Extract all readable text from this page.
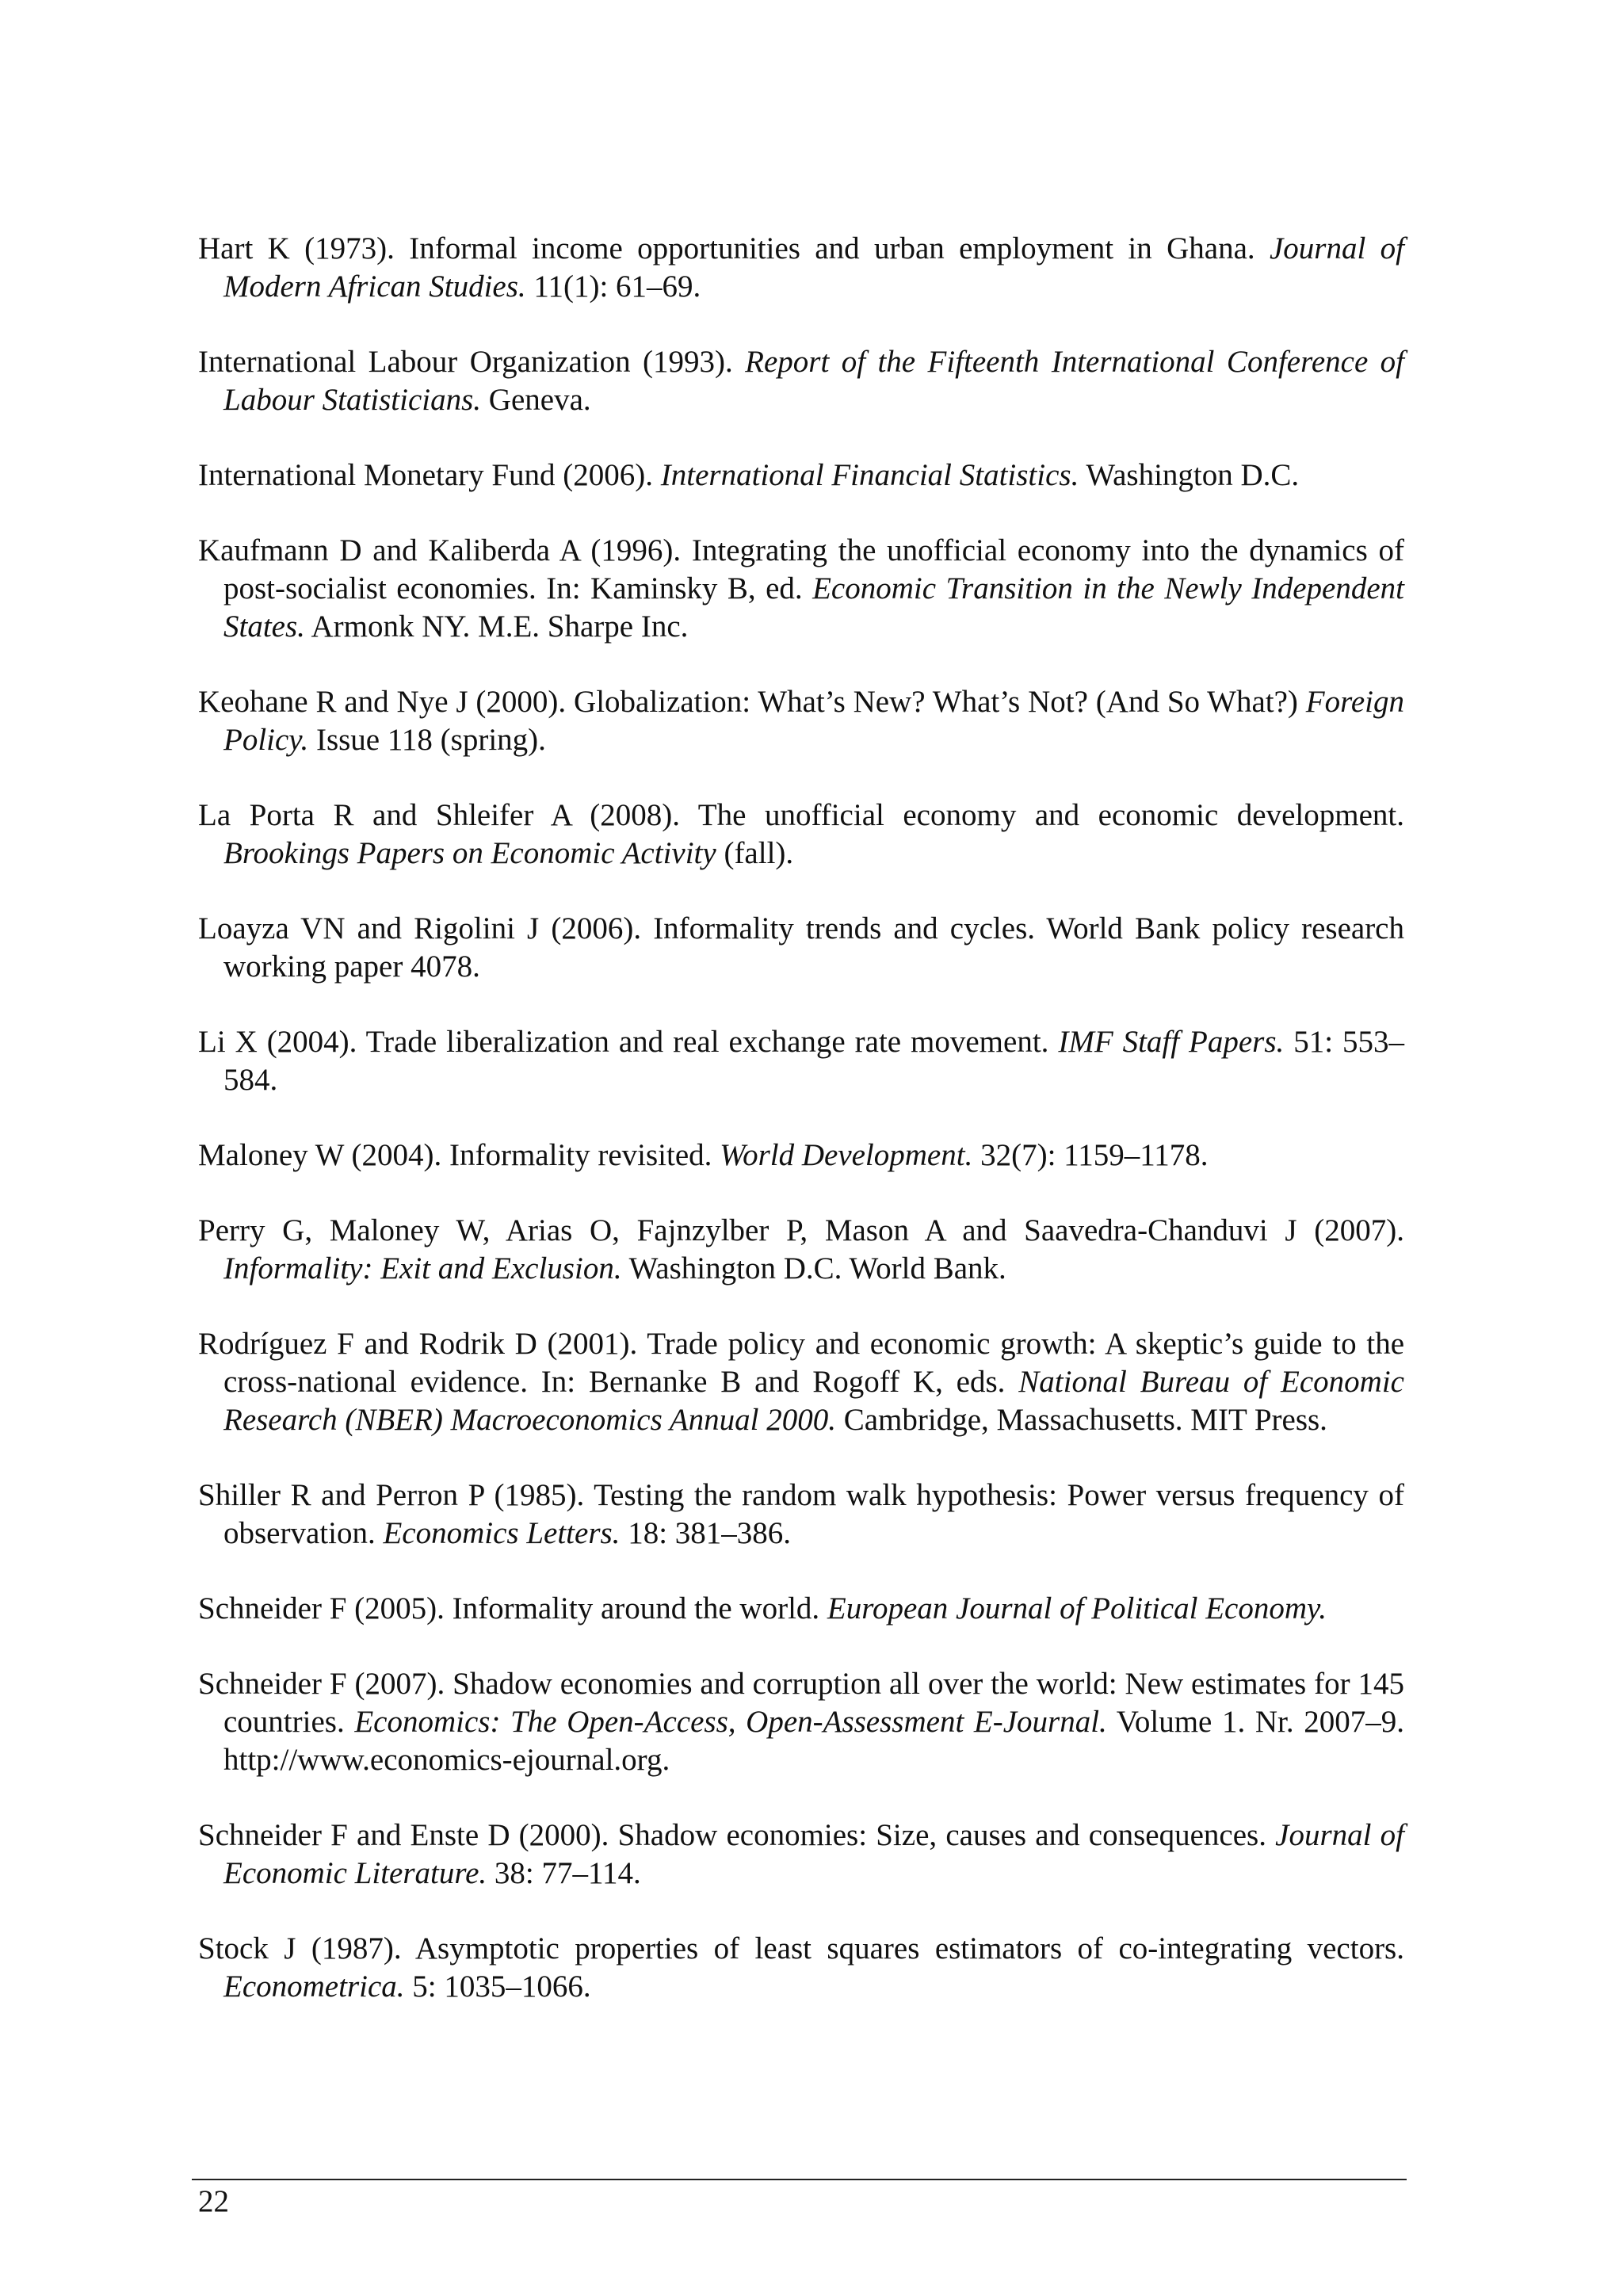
Hart K (1973). Informal income opportunities and urban employment in Ghana. Journal of Modern African Studies. 11(1): 61–69.
International Labour Organization (1993). Report of the Fifteenth International Conference of Labour Statisticians. Geneva.
International Monetary Fund (2006). International Financial Statistics. Washington D.C.
Kaufmann D and Kaliberda A (1996). Integrating the unofficial economy into the dynamics of post-socialist economies. In: Kaminsky B, ed. Economic Transition in the Newly Independent States. Armonk NY. M.E. Sharpe Inc.
Keohane R and Nye J (2000). Globalization: What’s New? What’s Not? (And So What?) Foreign Policy. Issue 118 (spring).
La Porta R and Shleifer A (2008). The unofficial economy and economic development. Brookings Papers on Economic Activity (fall).
Loayza VN and Rigolini J (2006). Informality trends and cycles. World Bank policy research working paper 4078.
Li X (2004). Trade liberalization and real exchange rate movement. IMF Staff Papers. 51: 553–584.
Maloney W (2004). Informality revisited. World Development. 32(7): 1159–1178.
Perry G, Maloney W, Arias O, Fajnzylber P, Mason A and Saavedra-Chanduvi J (2007). Informality: Exit and Exclusion. Washington D.C. World Bank.
Rodríguez F and Rodrik D (2001). Trade policy and economic growth: A skeptic’s guide to the cross-national evidence. In: Bernanke B and Rogoff K, eds. National Bureau of Economic Research (NBER) Macroeconomics Annual 2000. Cambridge, Massachusetts. MIT Press.
Shiller R and Perron P (1985). Testing the random walk hypothesis: Power versus frequency of observation. Economics Letters. 18: 381–386.
Schneider F (2005). Informality around the world. European Journal of Political Economy.
Schneider F (2007). Shadow economies and corruption all over the world: New estimates for 145 countries. Economics: The Open-Access, Open-Assessment E-Journal. Volume 1. Nr. 2007–9. http://www.economics-ejournal.org.
Schneider F and Enste D (2000). Shadow economies: Size, causes and consequences. Journal of Economic Literature. 38: 77–114.
Stock J (1987). Asymptotic properties of least squares estimators of co-integrating vectors. Econometrica. 5: 1035–1066.
22
